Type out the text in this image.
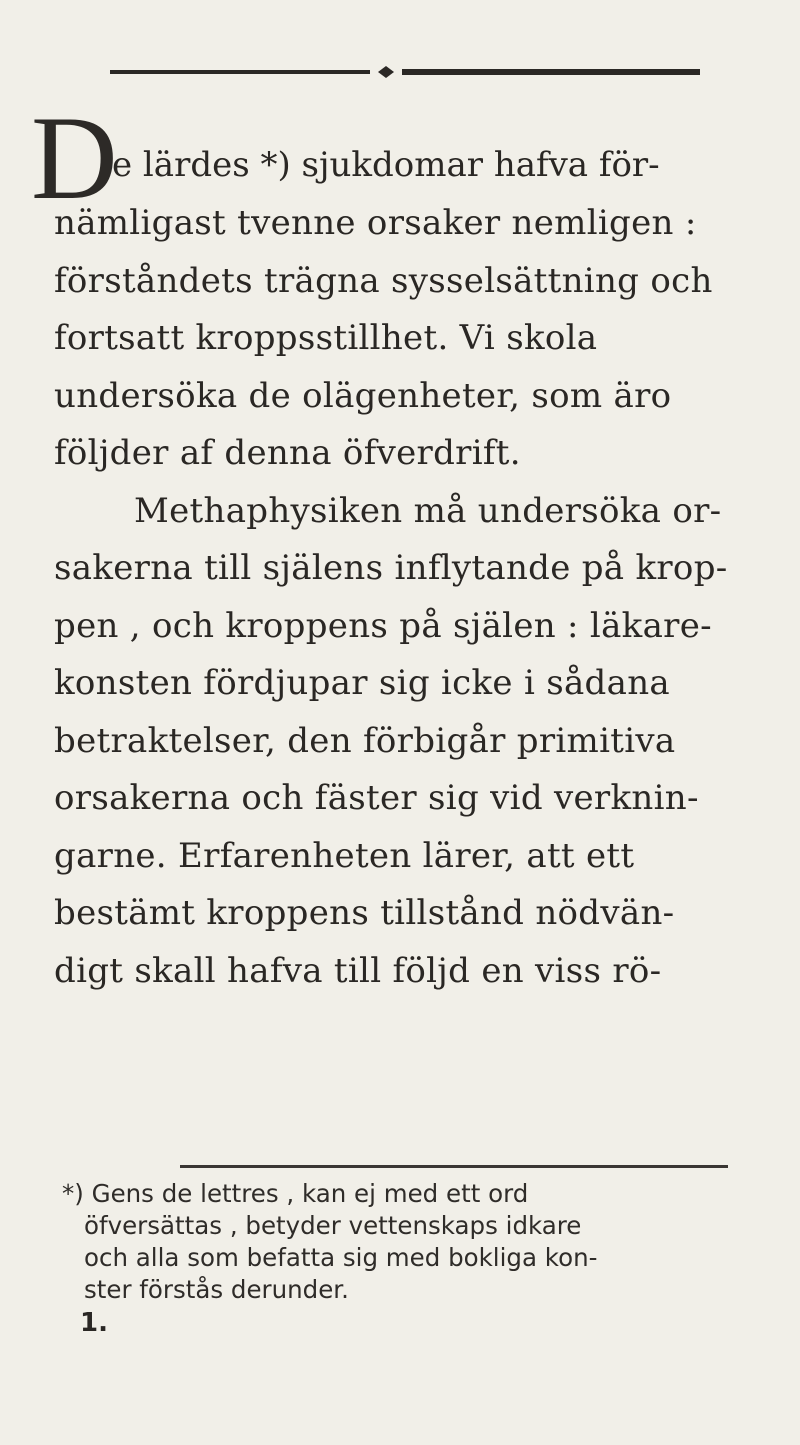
D
e lärdes *) sjukdomar hafva för-
nämligast tvenne orsaker nemligen :
förståndets trägna sysselsättning och
fortsatt kroppsstillhet. Vi skola
undersöka de olägenheter, som äro
följder af denna öfverdrift.
Methaphysiken må undersöka or-
sakerna till själens inflytande på krop-
pen , och kroppens på själen : läkare-
konsten fördjupar sig icke i sådana
betraktelser, den förbigår primitiva
orsakerna och fäster sig vid verknin-
garne. Erfarenheten lärer, att ett
bestämt kroppens tillstånd nödvän-
digt skall hafva till följd en viss rö-
*) Gens de lettres , kan ej med ett ord
öfversättas , betyder vettenskaps idkare
och alla som befatta sig med bokliga kon-
ster förstås derunder.
1.
